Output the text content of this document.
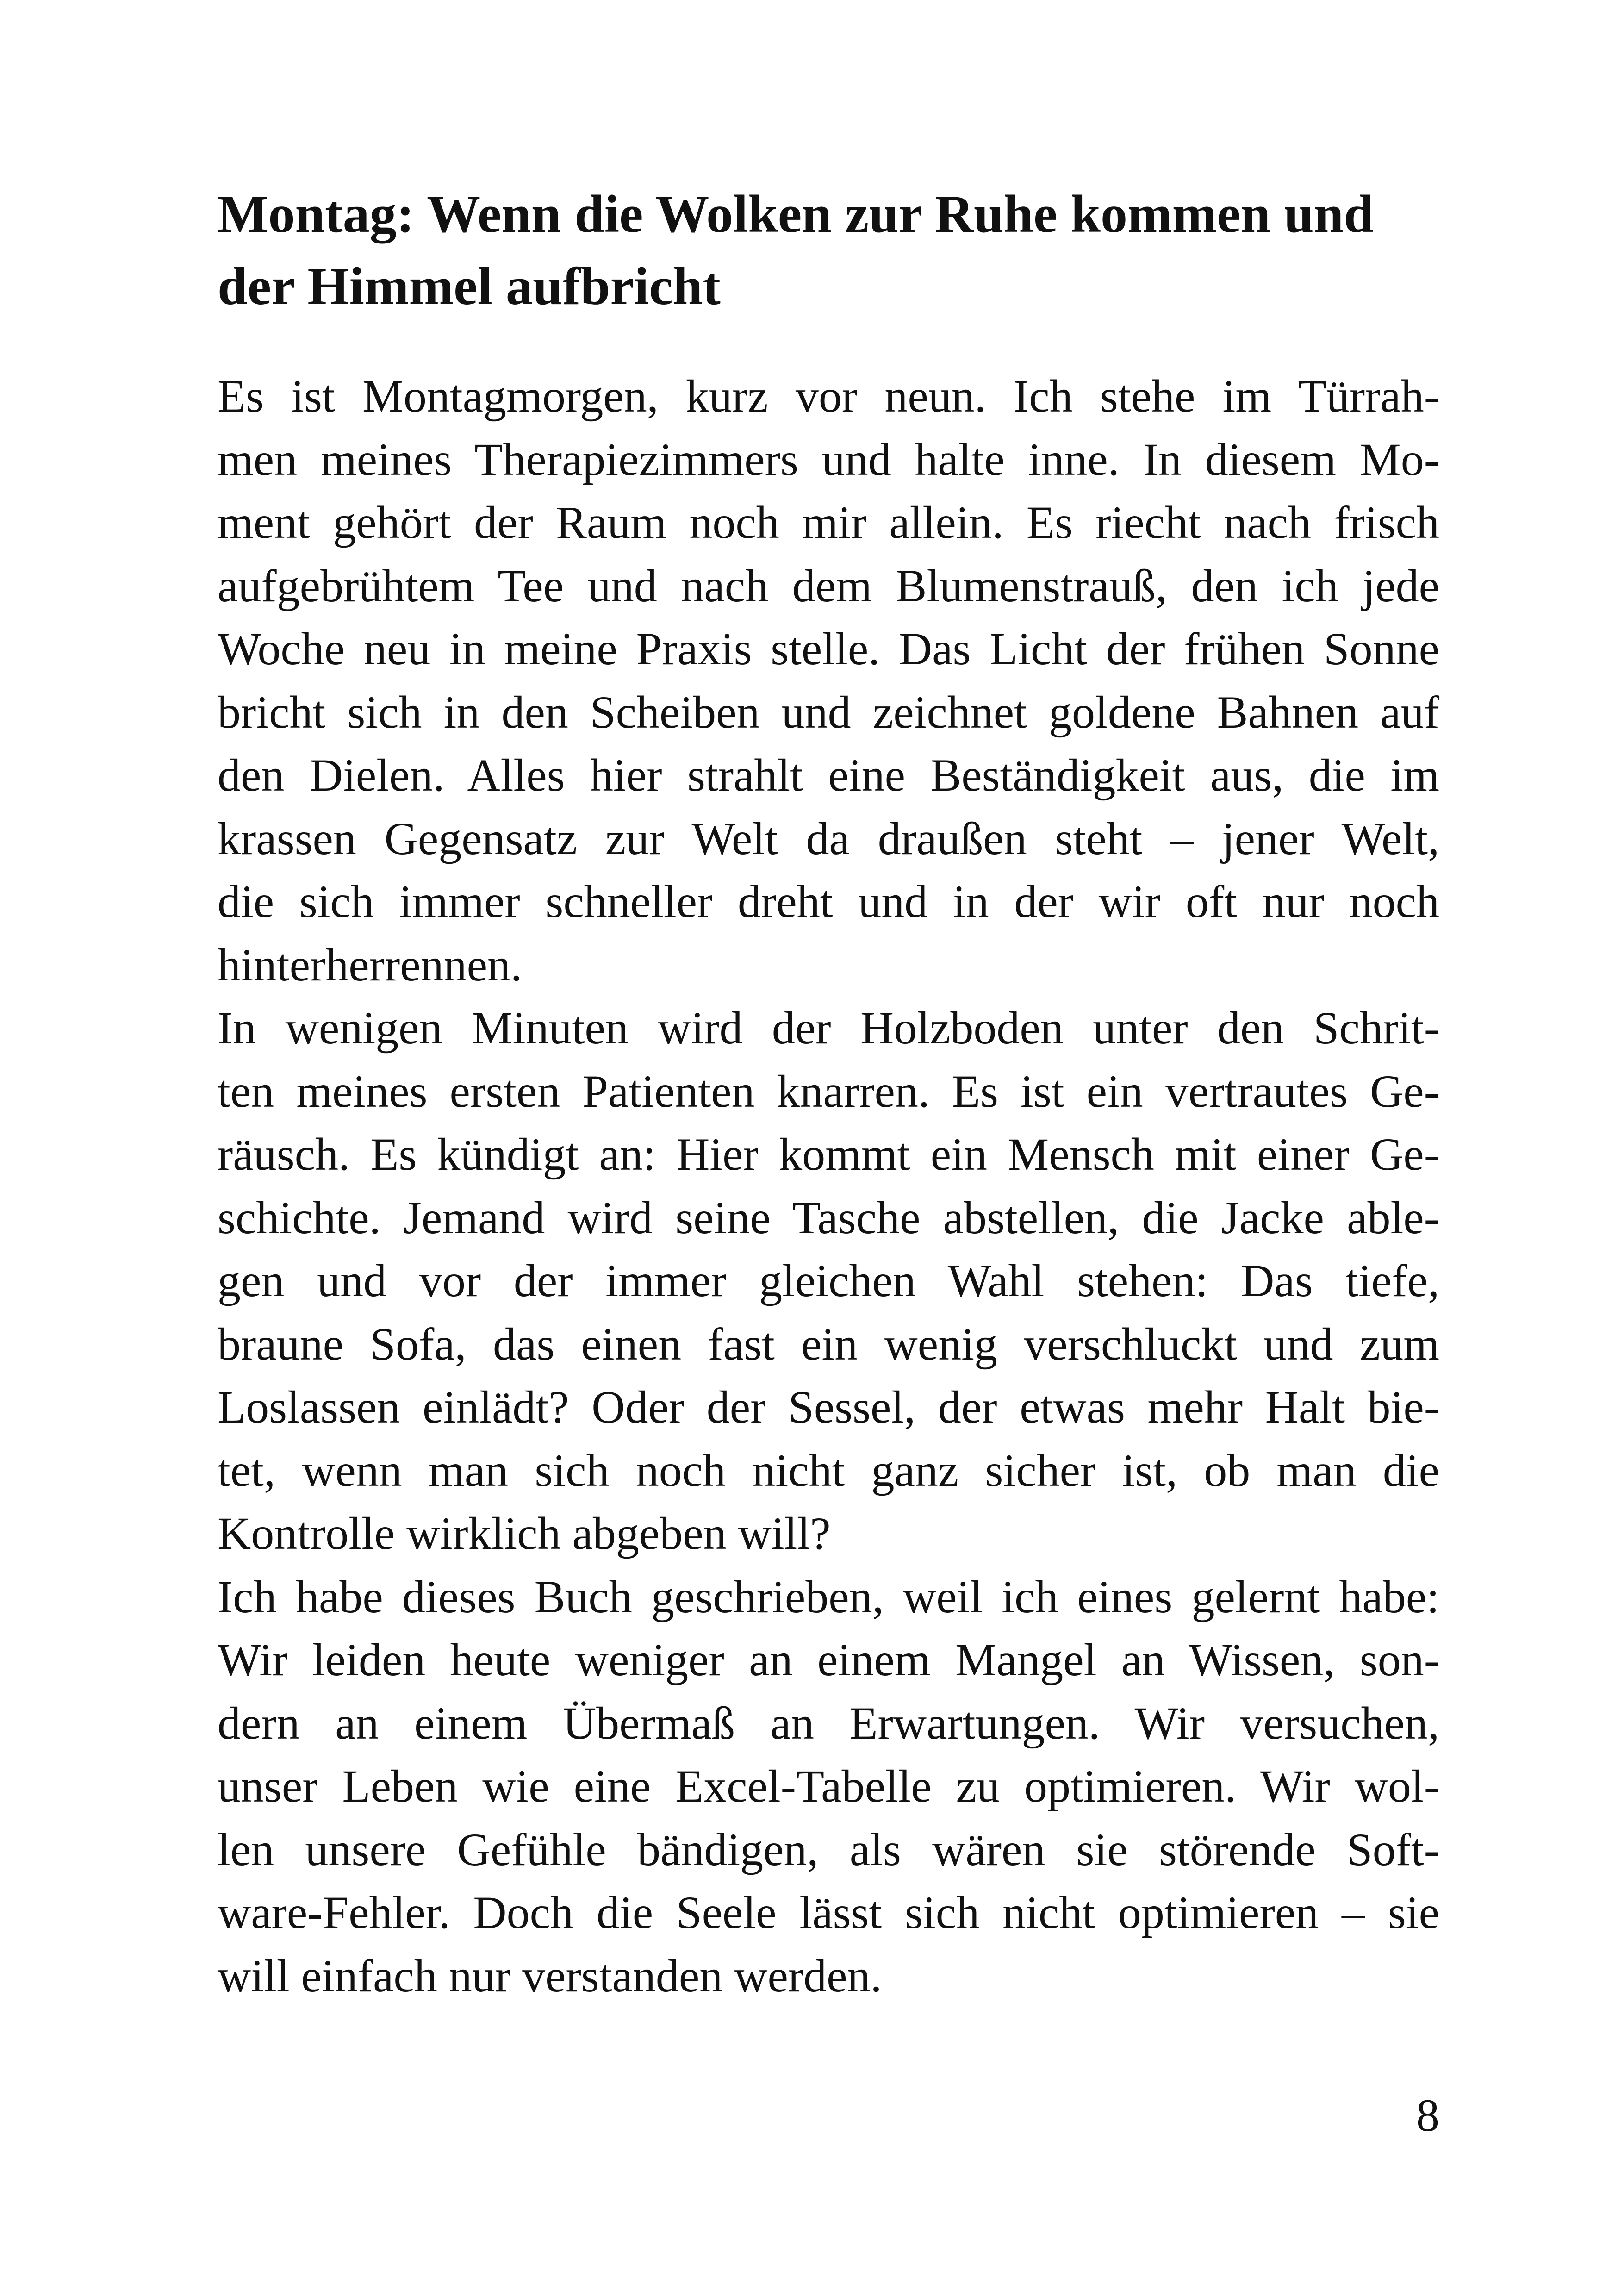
Montag: Wenn die Wolken zur Ruhe kommen und
der Himmel aufbricht
Es ist Montagmorgen, kurz vor neun. Ich stehe im Türrah-
men meines Therapiezimmers und halte inne. In diesem Mo-
ment gehört der Raum noch mir allein. Es riecht nach frisch
aufgebrühtem Tee und nach dem Blumenstrauß, den ich jede
Woche neu in meine Praxis stelle. Das Licht der frühen Sonne
bricht sich in den Scheiben und zeichnet goldene Bahnen auf
den Dielen. Alles hier strahlt eine Beständigkeit aus, die im
krassen Gegensatz zur Welt da draußen steht – jener Welt,
die sich immer schneller dreht und in der wir oft nur noch
hinterherrennen.
In wenigen Minuten wird der Holzboden unter den Schrit-
ten meines ersten Patienten knarren. Es ist ein vertrautes Ge-
räusch. Es kündigt an: Hier kommt ein Mensch mit einer Ge-
schichte. Jemand wird seine Tasche abstellen, die Jacke able-
gen und vor der immer gleichen Wahl stehen: Das tiefe,
braune Sofa, das einen fast ein wenig verschluckt und zum
Loslassen einlädt? Oder der Sessel, der etwas mehr Halt bie-
tet, wenn man sich noch nicht ganz sicher ist, ob man die
Kontrolle wirklich abgeben will?
Ich habe dieses Buch geschrieben, weil ich eines gelernt habe:
Wir leiden heute weniger an einem Mangel an Wissen, son-
dern an einem Übermaß an Erwartungen. Wir versuchen,
unser Leben wie eine Excel-Tabelle zu optimieren. Wir wol-
len unsere Gefühle bändigen, als wären sie störende Soft-
ware-Fehler. Doch die Seele lässt sich nicht optimieren – sie
will einfach nur verstanden werden.
8
